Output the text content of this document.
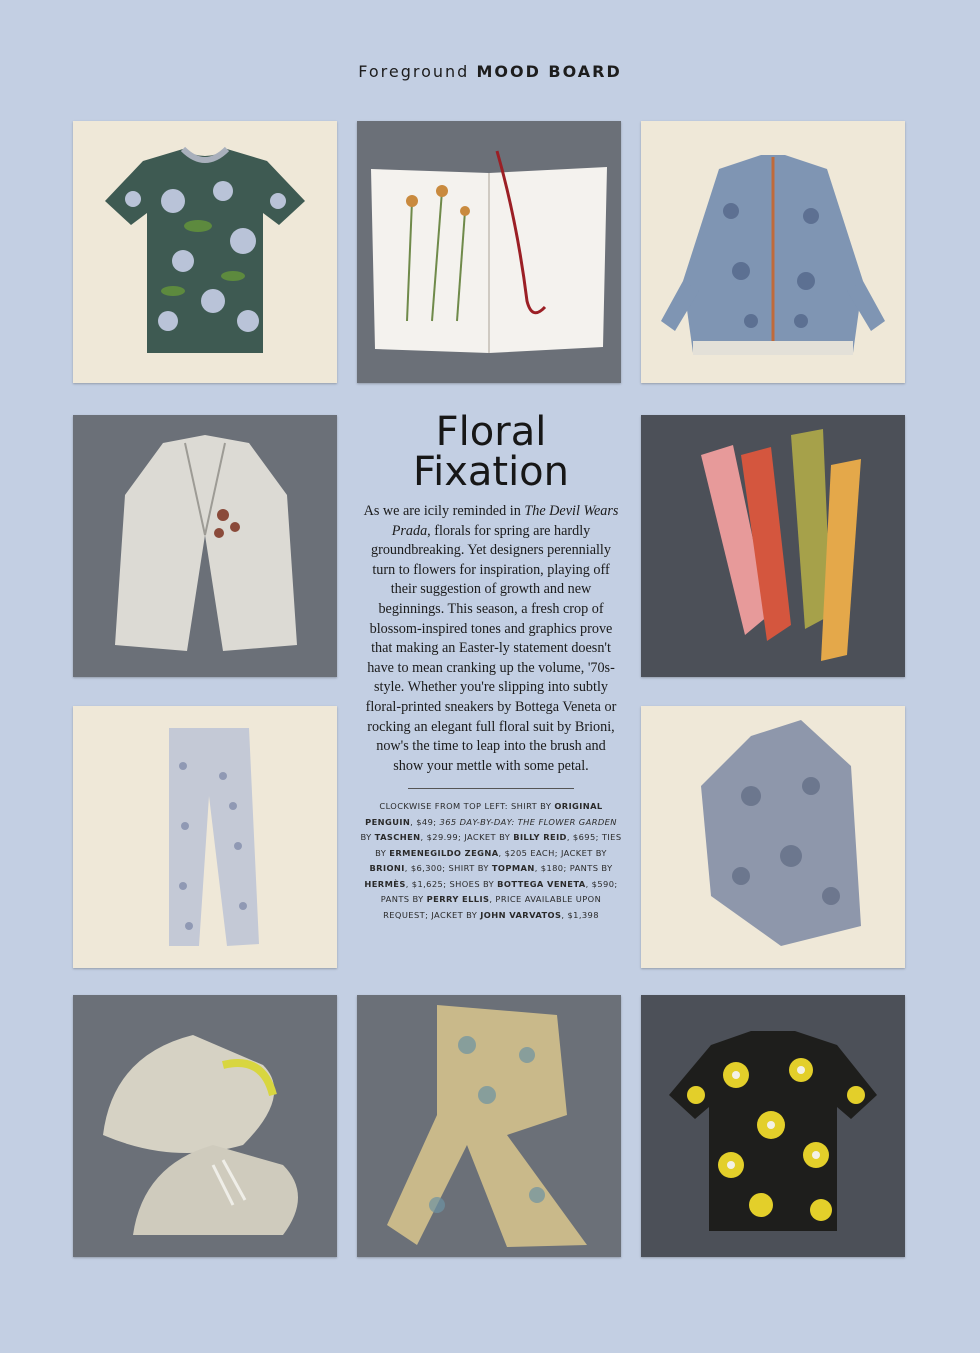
Foreground MOOD BOARD
Floral
Fixation

As we are icily reminded in The Devil Wears Prada, florals for spring are hardly groundbreaking. Yet designers perennially turn to flowers for inspiration, playing off their suggestion of growth and new beginnings. This season, a fresh crop of blossom-inspired tones and graphics prove that making an Easter-ly statement doesn't have to mean cranking up the volume, '70s-style. Whether you're slipping into subtly floral-printed sneakers by Bottega Veneta or rocking an elegant full floral suit by Brioni, now's the time to leap into the brush and show your mettle with some petal.

CLOCKWISE FROM TOP LEFT: SHIRT BY ORIGINAL PENGUIN, $49; 365 DAY-BY-DAY: THE FLOWER GARDEN BY TASCHEN, $29.99; JACKET BY BILLY REID, $695; TIES BY ERMENEGILDO ZEGNA, $205 EACH; JACKET BY BRIONI, $6,300; SHIRT BY TOPMAN, $180; PANTS BY HERMÈS, $1,625; SHOES BY BOTTEGA VENETA, $590; PANTS BY PERRY ELLIS, PRICE AVAILABLE UPON REQUEST; JACKET BY JOHN VARVATOS, $1,398
